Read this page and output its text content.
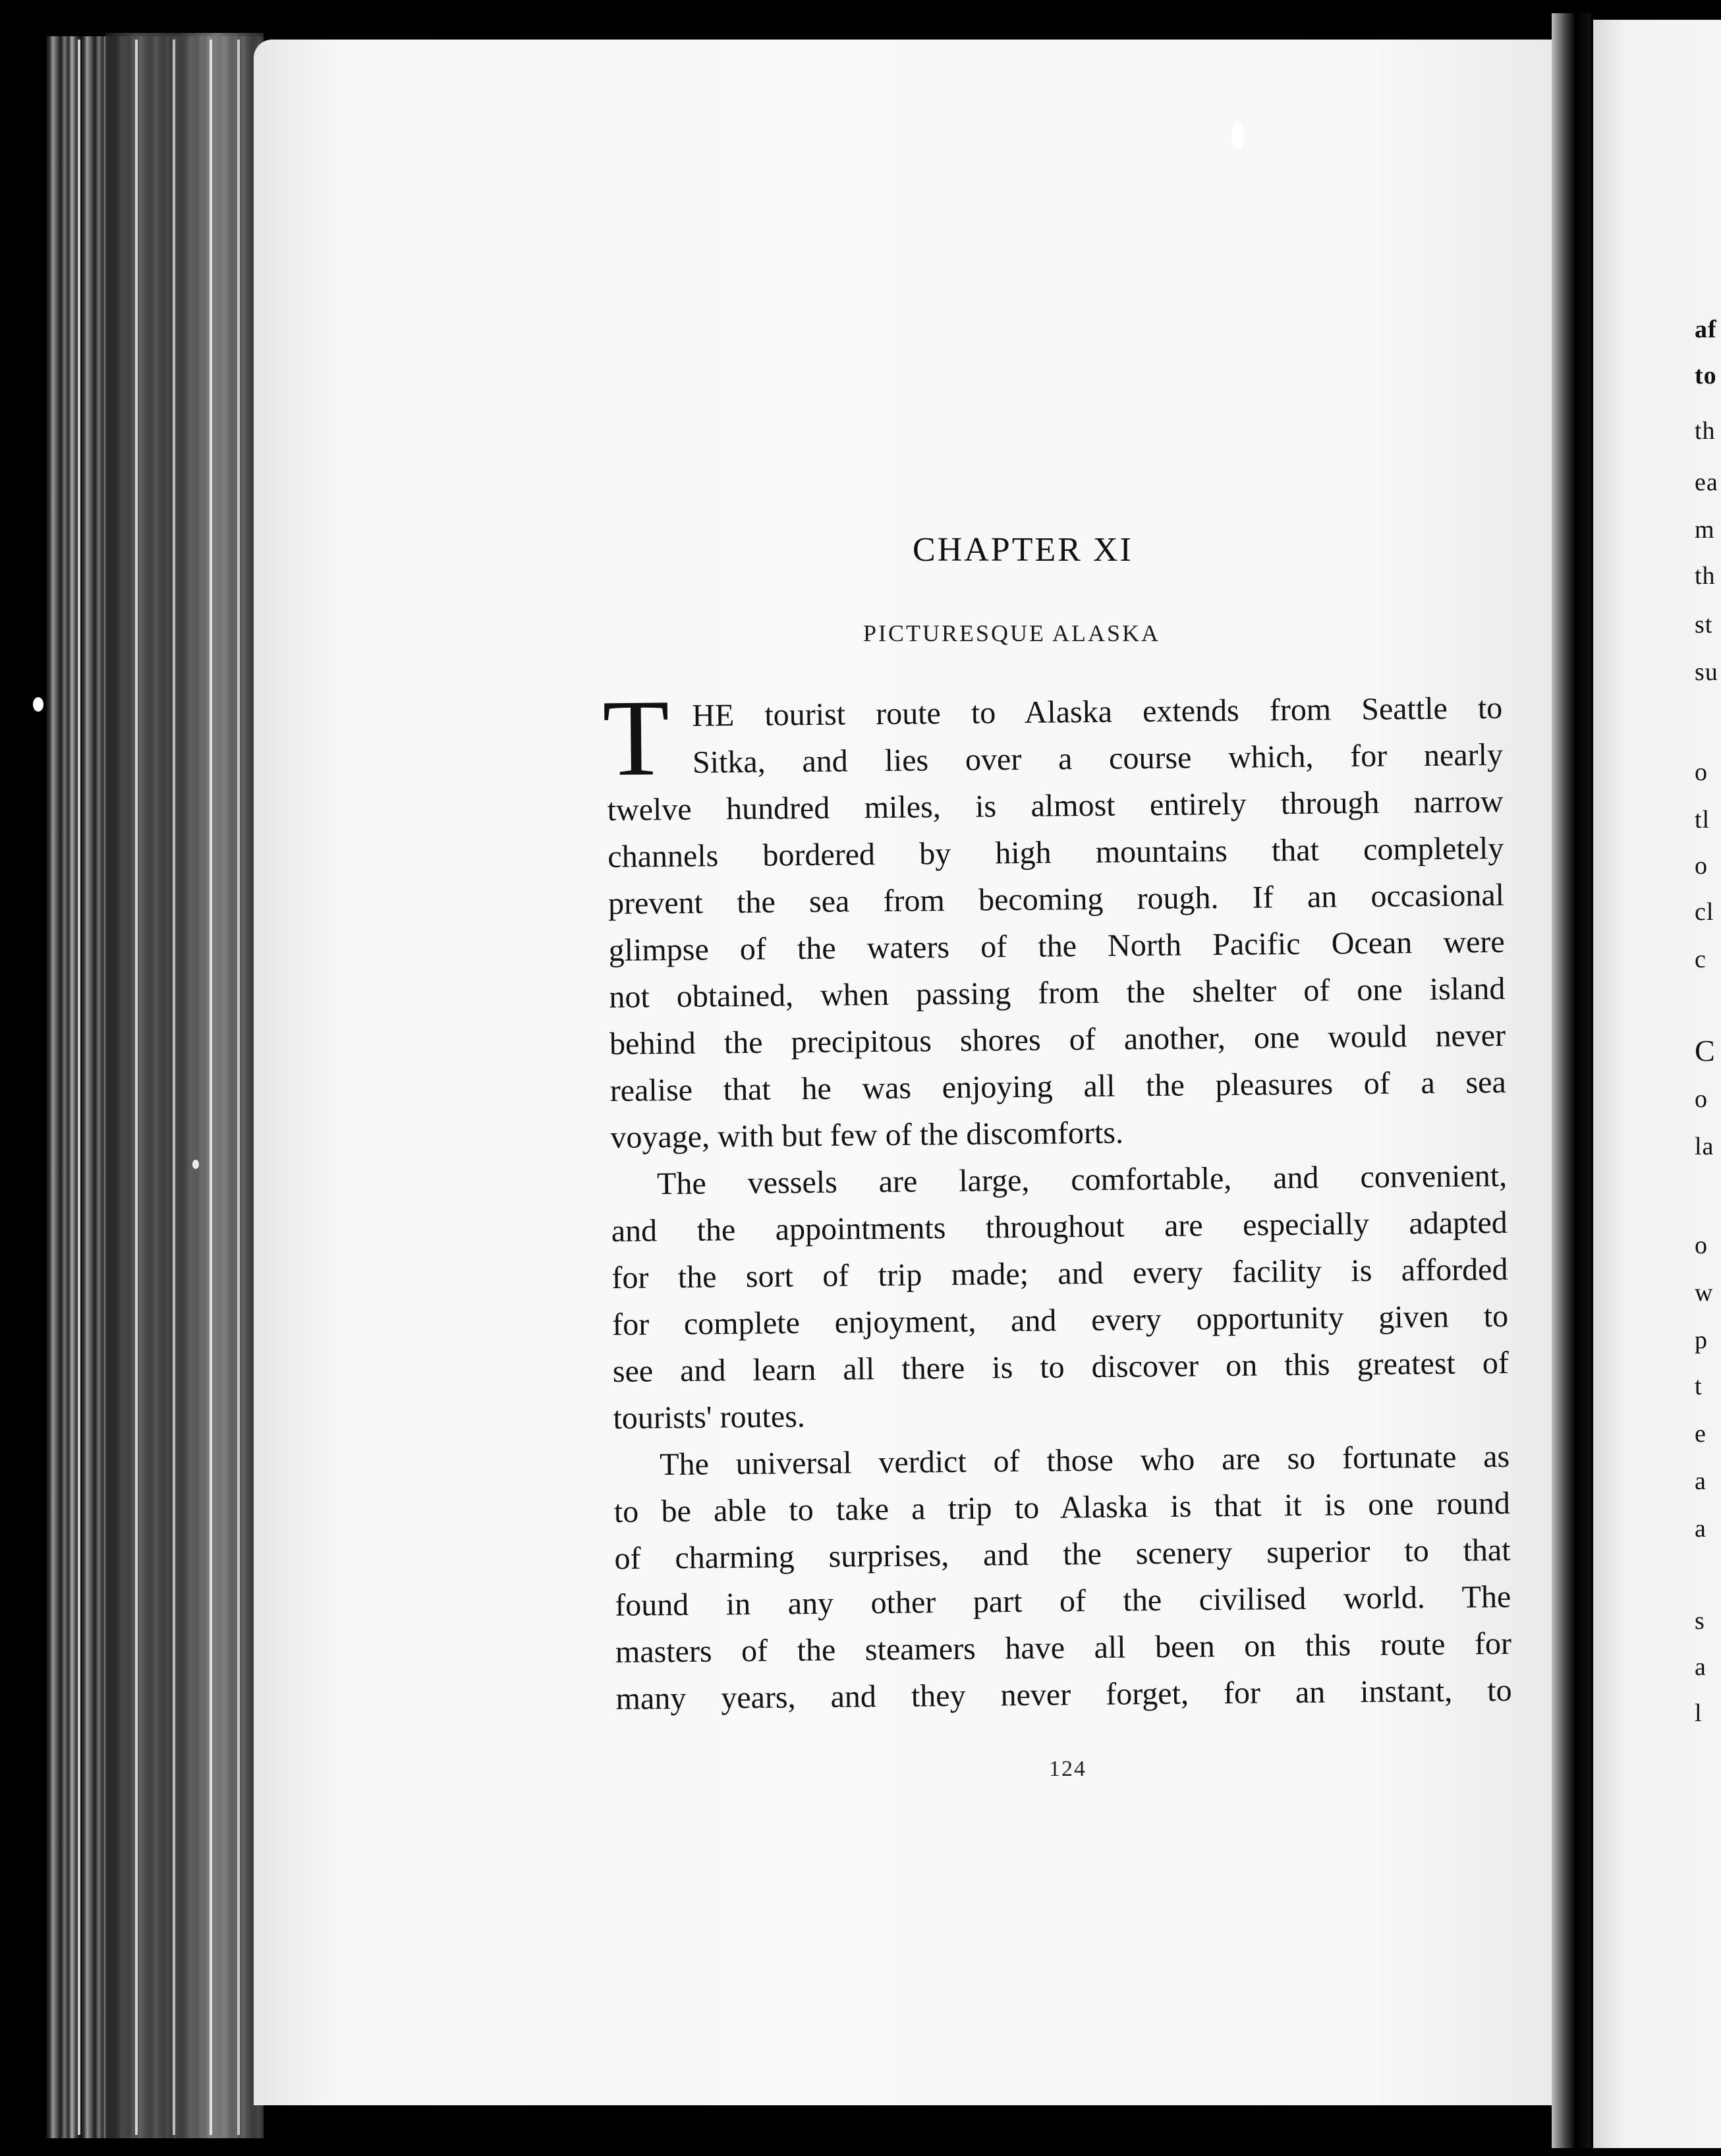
CHAPTER XI
PICTURESQUE ALASKA
T HE tourist route to Alaska extends from Seattle to
Sitka, and lies over a course which, for nearly
twelve hundred miles, is almost entirely through narrow
channels bordered by high mountains that completely
prevent the sea from becoming rough. If an occasional
glimpse of the waters of the North Pacific Ocean were
not obtained, when passing from the shelter of one island
behind the precipitous shores of another, one would never
realise that he was enjoying all the pleasures of a sea
voyage, with but few of the discomforts.
The vessels are large, comfortable, and convenient,
and the appointments throughout are especially adapted
for the sort of trip made; and every facility is afforded
for complete enjoyment, and every opportunity given to
see and learn all there is to discover on this greatest of
tourists' routes.
The universal verdict of those who are so fortunate as
to be able to take a trip to Alaska is that it is one round
of charming surprises, and the scenery superior to that
found in any other part of the civilised world. The
masters of the steamers have all been on this route for
many years, and they never forget, for an instant, to
124
af
to
th
ea
m
th
st
su
o
tl
o
cl
c
C
o
la
o
w
p
t
e
a
a
s
a
l
